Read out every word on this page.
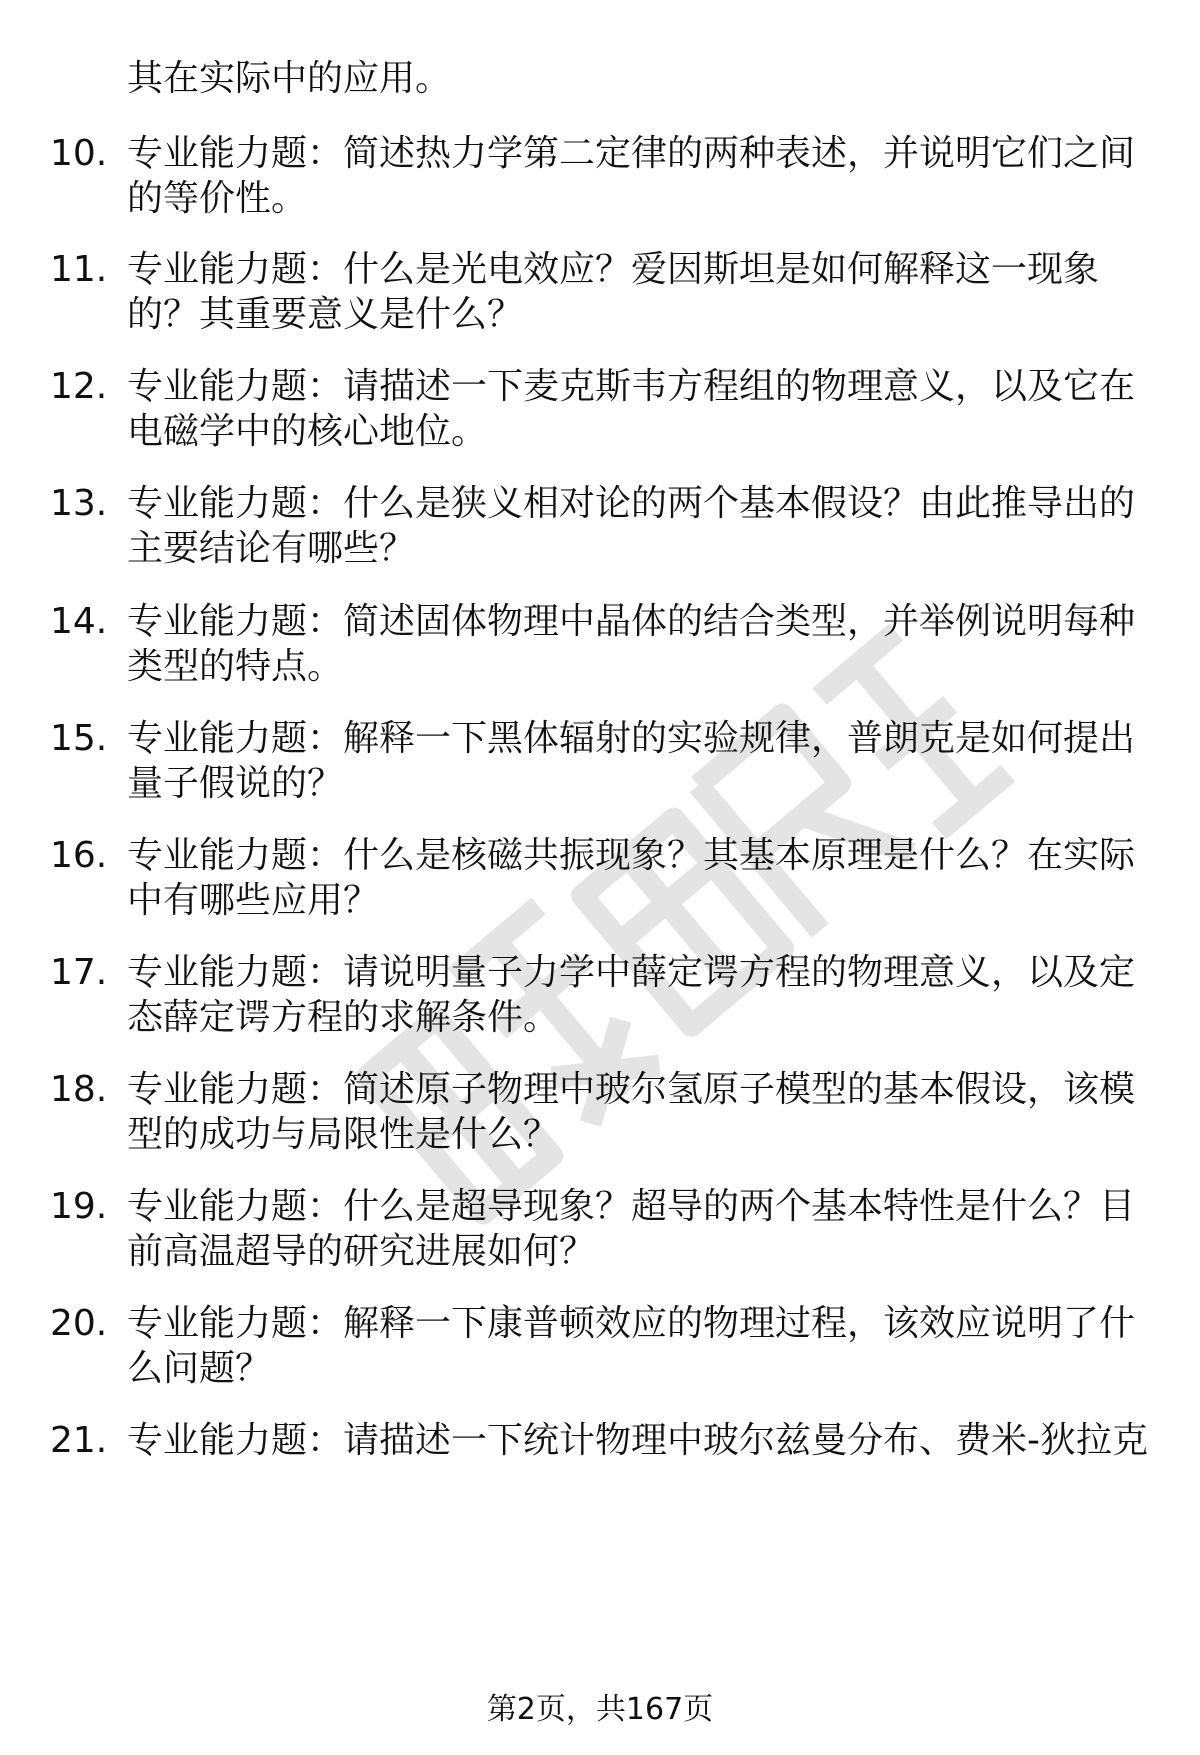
其在实际中的应用。
10. 专业能力题：简述热力学第二定律的两种表述，并说明它们之间
的等价性。
11. 专业能力题：什么是光电效应？爱因斯坦是如何解释这一现象
的？其重要意义是什么？
12. 专业能力题：请描述一下麦克斯韦方程组的物理意义，以及它在
电磁学中的核心地位。
13. 专业能力题：什么是狭义相对论的两个基本假设？由此推导出的
主要结论有哪些？
14. 专业能力题：简述固体物理中晶体的结合类型，并举例说明每种
类型的特点。
15. 专业能力题：解释一下黑体辐射的实验规律，普朗克是如何提出
量子假说的？
16. 专业能力题：什么是核磁共振现象？其基本原理是什么？在实际
中有哪些应用？
17. 专业能力题：请说明量子力学中薛定谔方程的物理意义，以及定
态薛定谔方程的求解条件。
18. 专业能力题：简述原子物理中玻尔氢原子模型的基本假设，该模
型的成功与局限性是什么？
19. 专业能力题：什么是超导现象？超导的两个基本特性是什么？目
前高温超导的研究进展如何？
20. 专业能力题：解释一下康普顿效应的物理过程，该效应说明了什
么问题？
21. 专业能力题：请描述一下统计物理中玻尔兹曼分布、费米-狄拉克
第2页，共167页
